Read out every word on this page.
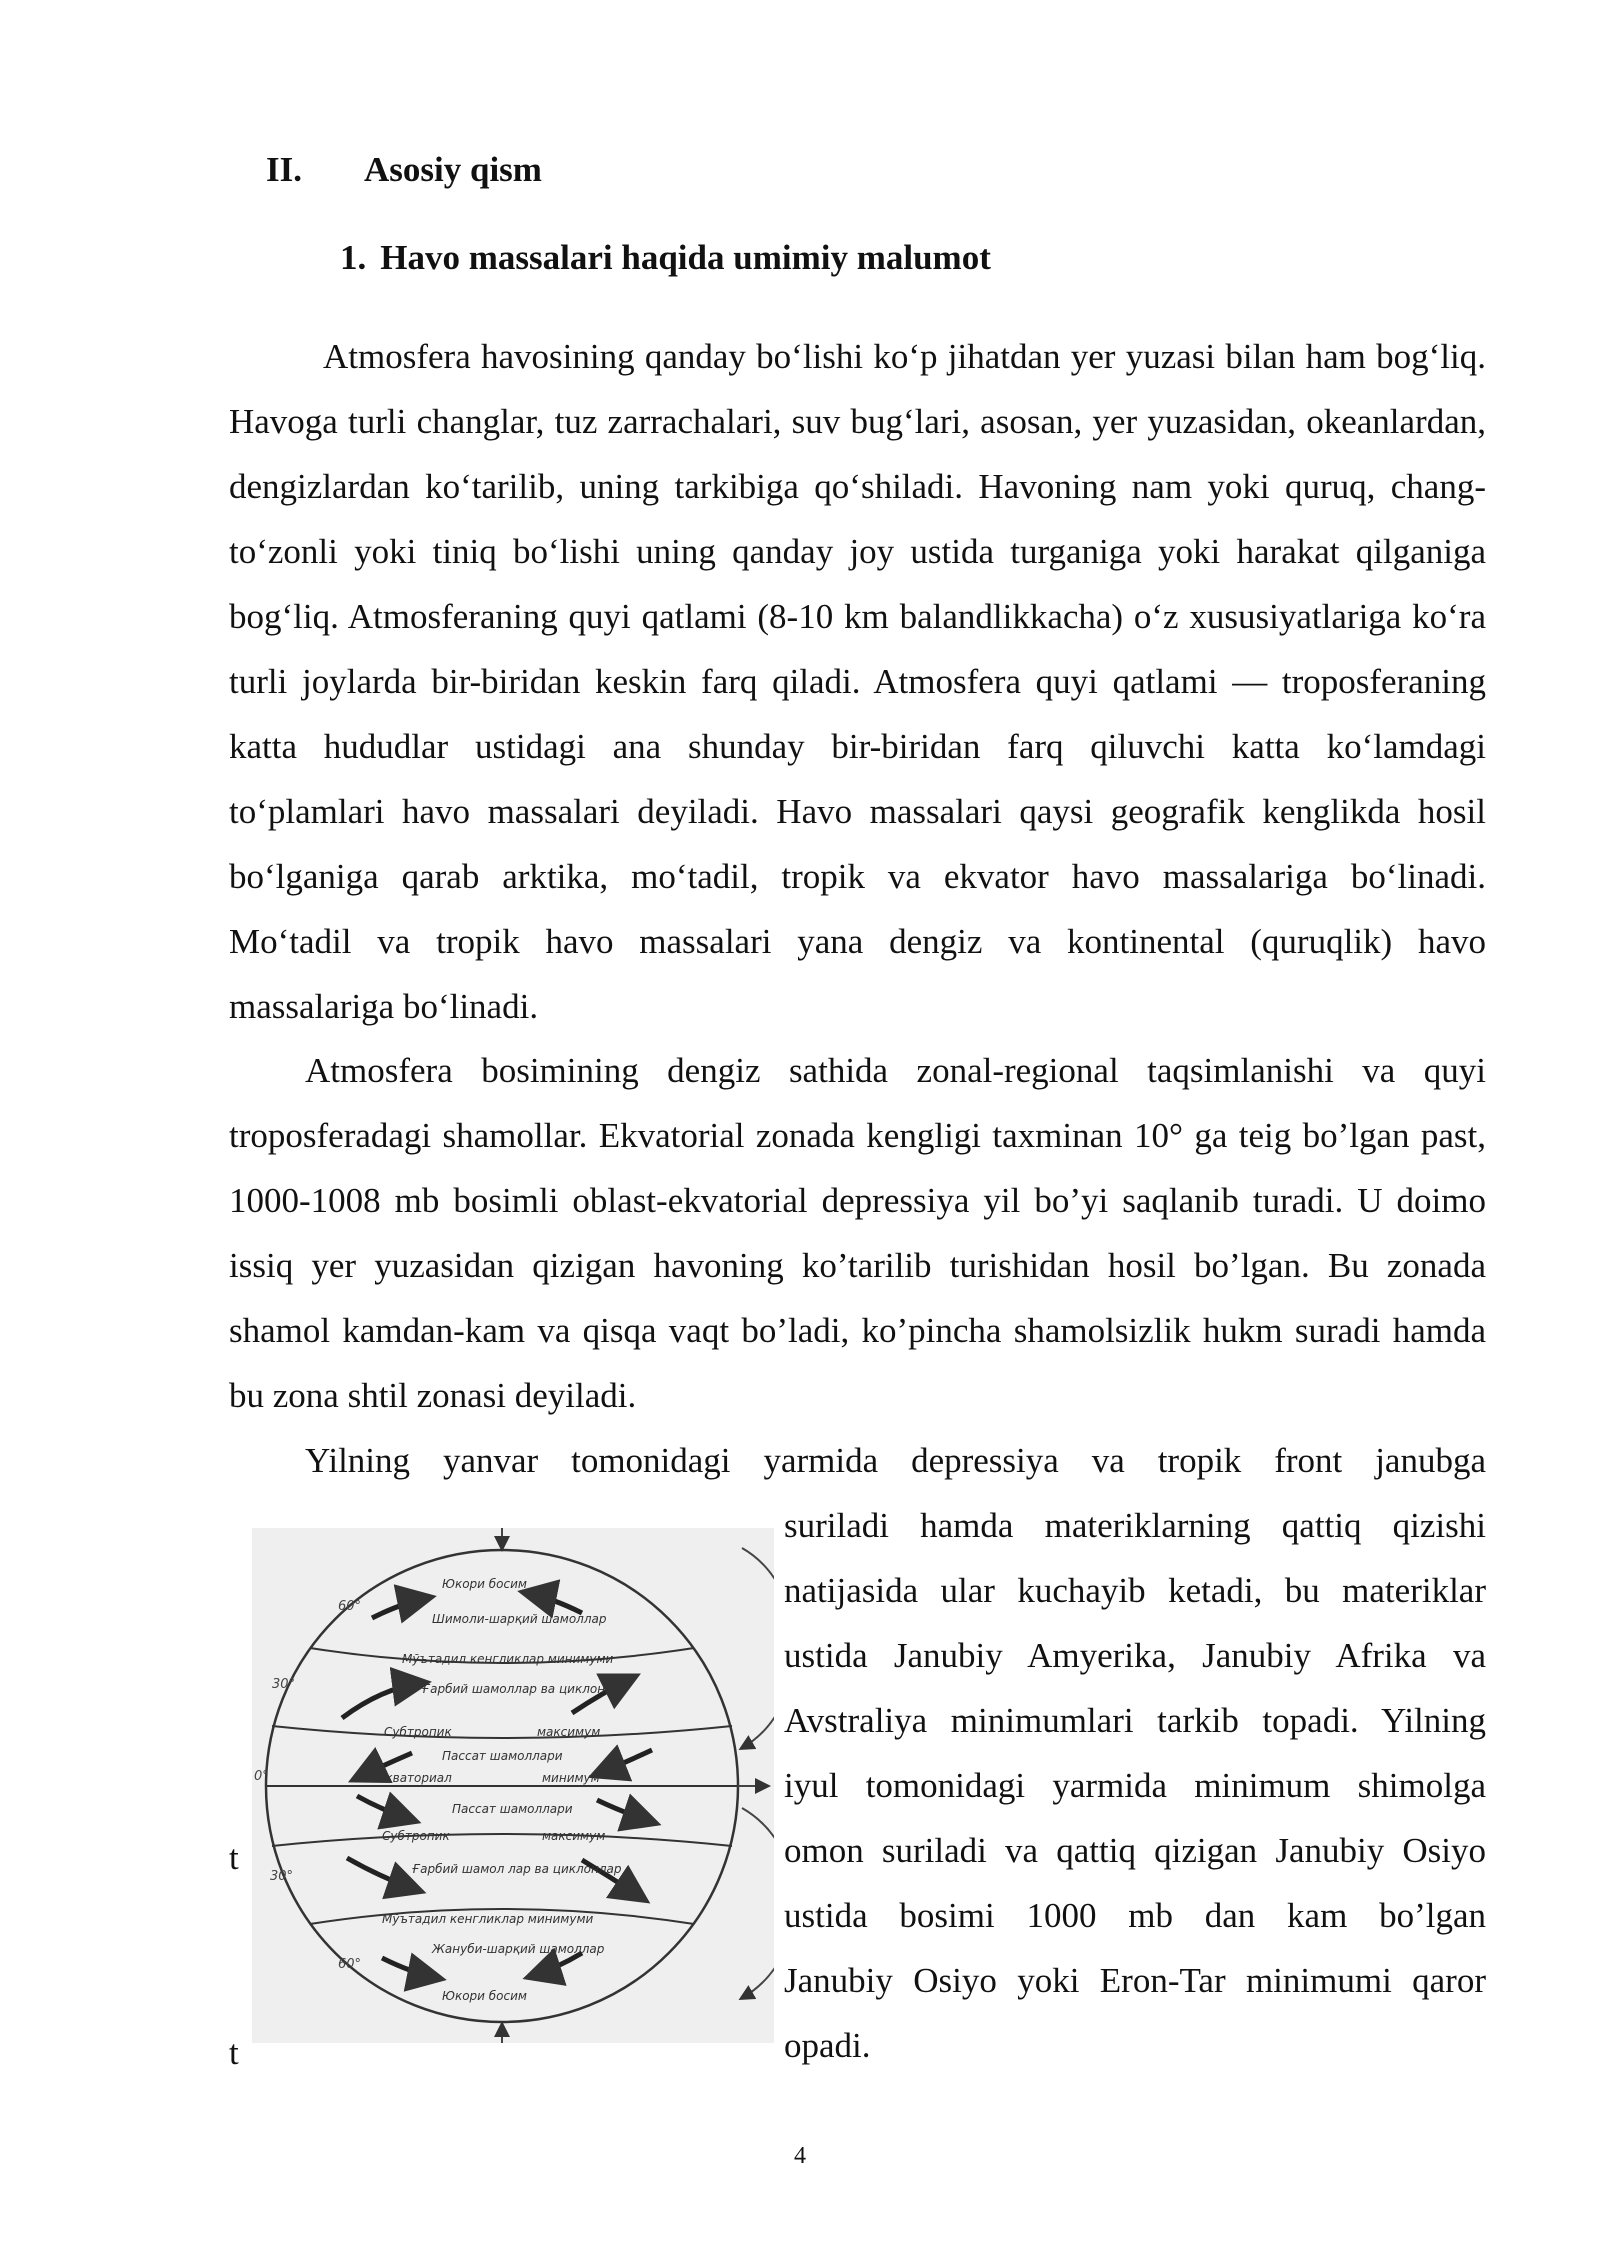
II. Asosiy qism
1. Havo massalari haqida umimiy malumot

Atmosfera havosining qanday bo‘lishi ko‘p jihatdan yer yuzasi bilan ham bog‘liq. Havoga turli changlar, tuz zarrachalari, suv bug‘lari, asosan, yer yuzasidan, okeanlardan, dengizlardan ko‘tarilib, uning tarkibiga qo‘shiladi. Havoning nam yoki quruq, chang-to‘zonli yoki tiniq bo‘lishi uning qanday joy ustida turganiga yoki harakat qilganiga bog‘liq. Atmosferaning quyi qatlami (8-10 km balandlikkacha) o‘z xususiyatlariga ko‘ra turli joylarda bir-biridan keskin farq qiladi. Atmosfera quyi qatlami — troposferaning katta hududlar ustidagi ana shunday bir-biridan farq qiluvchi katta ko‘lamdagi to‘plamlari havo massalari deyiladi. Havo massalari qaysi geografik kenglikda hosil bo‘lganiga qarab arktika, mo‘tadil, tropik va ekvator havo massalariga bo‘linadi. Mo‘tadil va tropik havo massalari yana dengiz va kontinental (quruqlik) havo massalariga bo‘linadi.

Atmosfera bosimining dengiz sathida zonal-regional taqsimlanishi va quyi troposferadagi shamollar. Ekvatorial zonada kengligi taxminan 10° ga teig bo’lgan past, 1000-1008 mb bosimli oblast-ekvatorial depressiya yil bo’yi saqlanib turadi. U doimo issiq yer yuzasidan qizigan havoning ko’tarilib turishidan hosil bo’lgan. Bu zonada shamol kamdan-kam va qisqa vaqt bo’ladi, ko’pincha shamolsizlik hukm suradi hamda bu zona shtil zonasi deyiladi.

Yilning yanvar tomonidagi yarmida depressiya va tropik front janubga

suriladi hamda materiklarning qattiq qizishi
natijasida ular kuchayib ketadi, bu materiklar
ustida Janubiy Amyerika, Janubiy Afrika va
Avstraliya minimumlari tarkib topadi. Yilning
iyul tomonidagi yarmida minimum shimolga
omon suriladi va qattiq qizigan Janubiy Osiyo
ustida bosimi 1000 mb dan kam bo’lgan
Janubiy Osiyo yoki Eron-Tar minimumi qaror
opadi.
t
t
60°
30°
0°
30°
60°
Юкори босим
Шимоли-шарқий шамоллар
Мўътадил кенгликлар минимуми
Ғарбий шамоллар ва циклонлар
Субтропик	максимум
Пассат шамоллари
Экваториал	минимум
Пассат шамоллари
Субтропик	максимум
Ғарбий шамол лар ва циклонлар
Мўътадил кенгликлар минимуми
Жануби-шарқий шамоллар
Юкори босим
4
